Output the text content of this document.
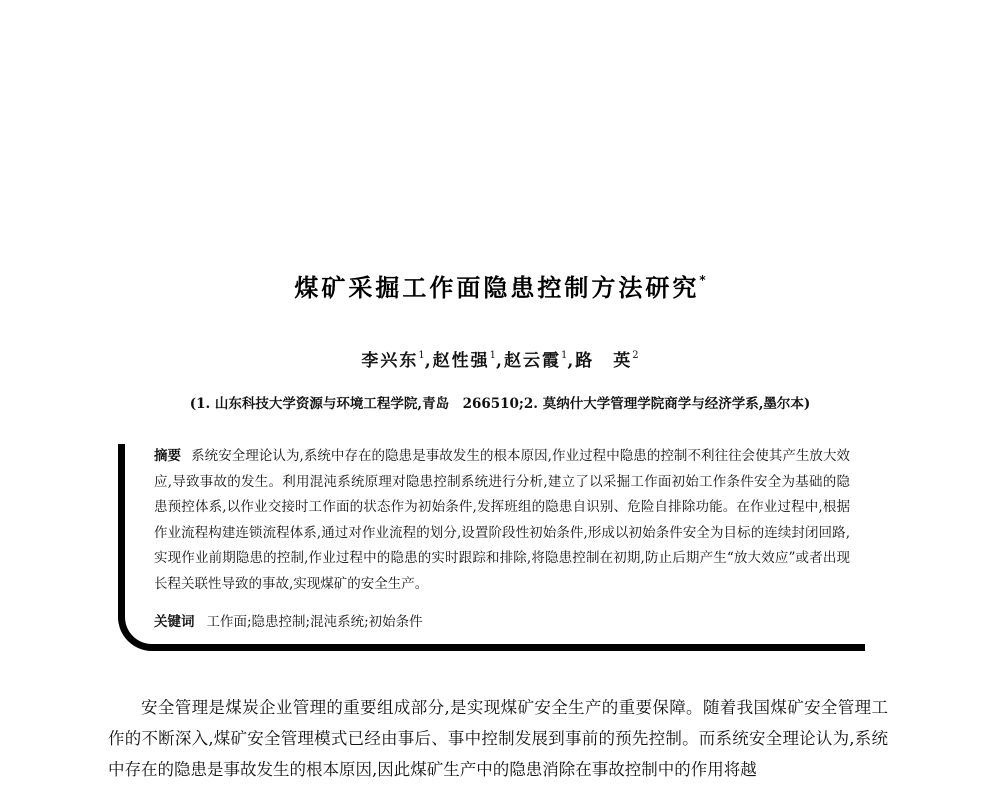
煤矿采掘工作面隐患控制方法研究*
李兴东$^1$,赵性强$^1$,赵云霞$^1$,路　英$^2$
(1. 山东科技大学资源与环境工程学院,青岛　266510;2. 莫纳什大学管理学院商学与经济学系,墨尔本)
摘要 系统安全理论认为,系统中存在的隐患是事故发生的根本原因,作业过程中隐患的控制不利往往会使其产生放大效应,导致事故的发生。利用混沌系统原理对隐患控制系统进行分析,建立了以采掘工作面初始工作条件安全为基础的隐患预控体系,以作业交接时工作面的状态作为初始条件,发挥班组的隐患自识别、危险自排除功能。在作业过程中,根据作业流程构建连锁流程体系,通过对作业流程的划分,设置阶段性初始条件,形成以初始条件安全为目标的连续封闭回路,实现作业前期隐患的控制,作业过程中的隐患的实时跟踪和排除,将隐患控制在初期,防止后期产生“放大效应”或者出现长程关联性导致的事故,实现煤矿的安全生产。
关键词 工作面;隐患控制;混沌系统;初始条件
安全管理是煤炭企业管理的重要组成部分,是实现煤矿安全生产的重要保障。随着我国煤矿安全管理工作的不断深入,煤矿安全管理模式已经由事后、事中控制发展到事前的预先控制。而系统安全理论认为,系统中存在的隐患是事故发生的根本原因,因此煤矿生产中的隐患消除在事故控制中的作用将越
